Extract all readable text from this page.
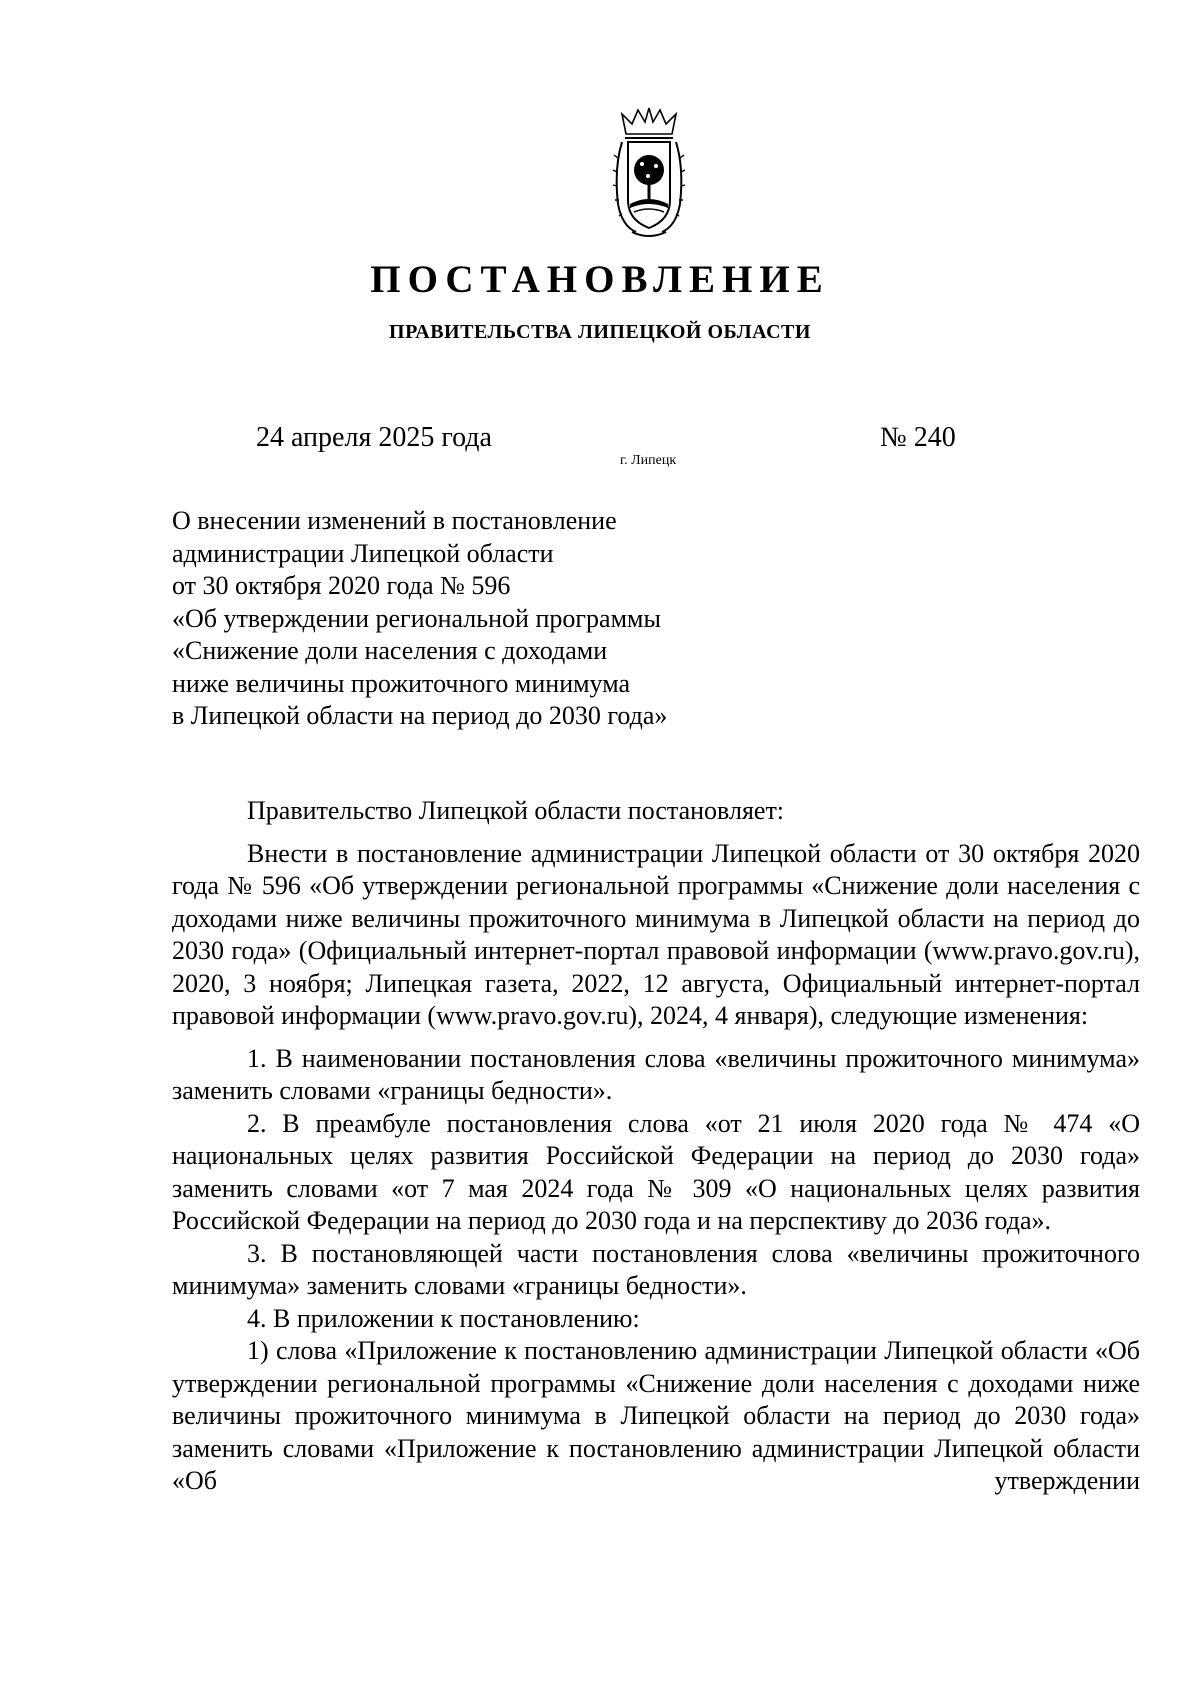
ПОСТАНОВЛЕНИЕ
ПРАВИТЕЛЬСТВА ЛИПЕЦКОЙ ОБЛАСТИ
24 апреля 2025 года
г. Липецк
№ 240
О внесении изменений в постановление
администрации Липецкой области
от 30 октября 2020 года № 596
«Об утверждении региональной программы
«Снижение доли населения с доходами
ниже величины прожиточного минимума
в Липецкой области на период до 2030 года»

Правительство Липецкой области постановляет:

Внести в постановление администрации Липецкой области от 30 октября 2020 года № 596 «Об утверждении региональной программы «Снижение доли населения с доходами ниже величины прожиточного минимума в Липецкой области на период до 2030 года» (Официальный интернет-портал правовой информации (www.pravo.gov.ru), 2020, 3 ноября; Липецкая газета, 2022, 12 августа, Официальный интернет-портал правовой информации (www.pravo.gov.ru), 2024, 4 января), следующие изменения:

1. В наименовании постановления слова «величины прожиточного минимума» заменить словами «границы бедности».

2. В преамбуле постановления слова «от 21 июля 2020 года № 474 «О национальных целях развития Российской Федерации на период до 2030 года» заменить словами «от 7 мая 2024 года № 309 «О национальных целях развития Российской Федерации на период до 2030 года и на перспективу до 2036 года».

3. В постановляющей части постановления слова «величины прожиточного минимума» заменить словами «границы бедности».

4. В приложении к постановлению:

1) слова «Приложение к постановлению администрации Липецкой области «Об утверждении региональной программы «Снижение доли населения с доходами ниже величины прожиточного минимума в Липецкой области на период до 2030 года» заменить словами «Приложение к постановлению администрации Липецкой области «Об утверждении
